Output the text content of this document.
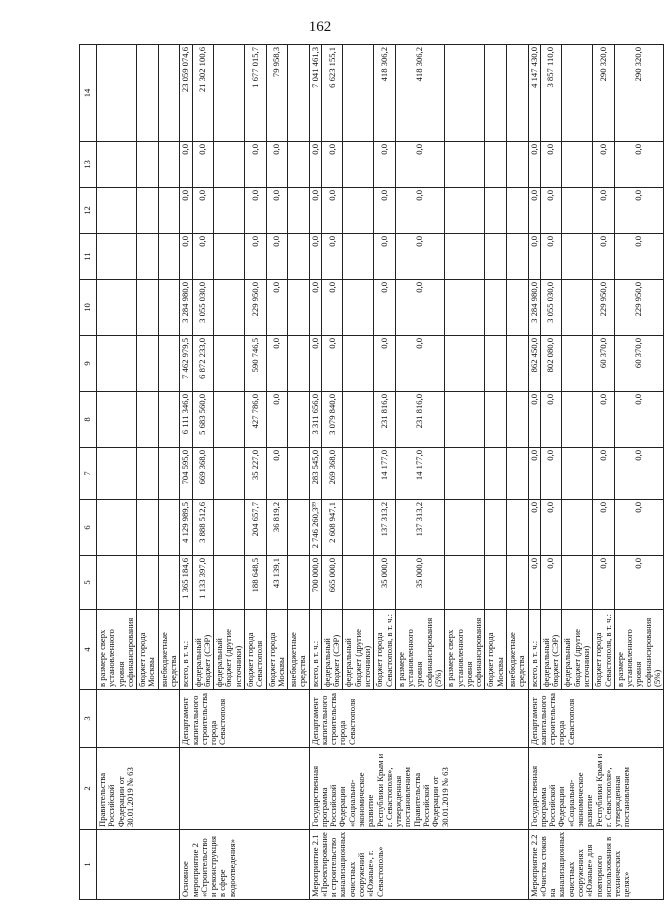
162
1	2	3	4	5	6	7	8	9	10	11	12	13	14
	Правительства Российской Федерации от 30.01.2019 № 63		в размере сверх установленного уровня софинансирования										
			бюджет города Москвы										
			внебюджетные средства										
Основное мероприятие 2 «Строительство и реконструкция в сфере водоотведения»		Департамент капитального строительства города Севастополя	всего, в т. ч.:	1 365 184,6	4 129 989,5	704 595,0	6 111 346,0	7 462 979,5	3 284 980,0	0,0	0,0	0,0	23 059 074,6
			федеральный бюджет (СЭР)	1 133 397,0	3 888 512,6	669 368,0	5 683 560,0	6 872 233,0	3 055 030,0	0,0	0,0	0,0	21 302 100,6
			федеральный бюджет (другие источники)										
			бюджет города Севастополя	188 648,5	204 657,7	35 227,0	427 786,0	590 746,5	229 950,0	0,0	0,0	0,0	1 677 015,7
			бюджет города Москвы	43 139,1	36 819,2	0,0	0,0	0,0	0,0	0,0	0,0	0,0	79 958,3
			внебюджетные средства										
Мероприятие 2.1 «Проектирование и строительство канализационных очистных сооружений «Южные», г. Севастополь»	Государственная программа Российской Федерации «Социально-экономическое развитие Республики Крым и г. Севастополя», утвержденная постановлением Правительства Российской Федерации от 30.01.2019 № 63	Департамент капитального строительства города Севастополя	всего, в т. ч.:	700 000,0	2 746 260,3³⁹	283 545,0	3 311 656,0	0,0	0,0	0,0	0,0	0,0	7 041 461,3
			федеральный бюджет (СЭР)	665 000,0	2 608 947,1	269 368,0	3 079 840,0	0,0	0,0	0,0	0,0	0,0	6 623 155,1
			федеральный бюджет (другие источники)										
			бюджет города Севастополя, в т. ч.:	35 000,0	137 313,2	14 177,0	231 816,0	0,0	0,0	0,0	0,0	0,0	418 306,2
			в размере установленного уровня софинансирования (5%)	35 000,0	137 313,2	14 177,0	231 816,0	0,0	0,0	0,0	0,0	0,0	418 306,2
			в размере сверх установленного уровня софинансирования										
			бюджет города Москвы										
			внебюджетные средства										
Мероприятие 2.2 «Очистка стоков на канализационных очистных сооружениях «Южные» для повторного использования в технических целях»	Государственная программа Российской Федерации «Социально-экономическое развитие Республики Крым и г. Севастополя», утвержденная постановлением	Департамент капитального строительства города Севастополя	всего, в т. ч.:	0,0	0,0	0,0	0,0	862 450,0	3 284 980,0	0,0	0,0	0,0	4 147 430,0
			федеральный бюджет (СЭР)	0,0	0,0	0,0	0,0	802 080,0	3 055 030,0	0,0	0,0	0,0	3 857 110,0
			федеральный бюджет (другие источники)										
			бюджет города Севастополя, в т. ч.:	0,0	0,0	0,0	0,0	60 370,0	229 950,0	0,0	0,0	0,0	290 320,0
			в размере установленного уровня софинансирования (5%)	0,0	0,0	0,0	0,0	60 370,0	229 950,0	0,0	0,0	0,0	290 320,0
